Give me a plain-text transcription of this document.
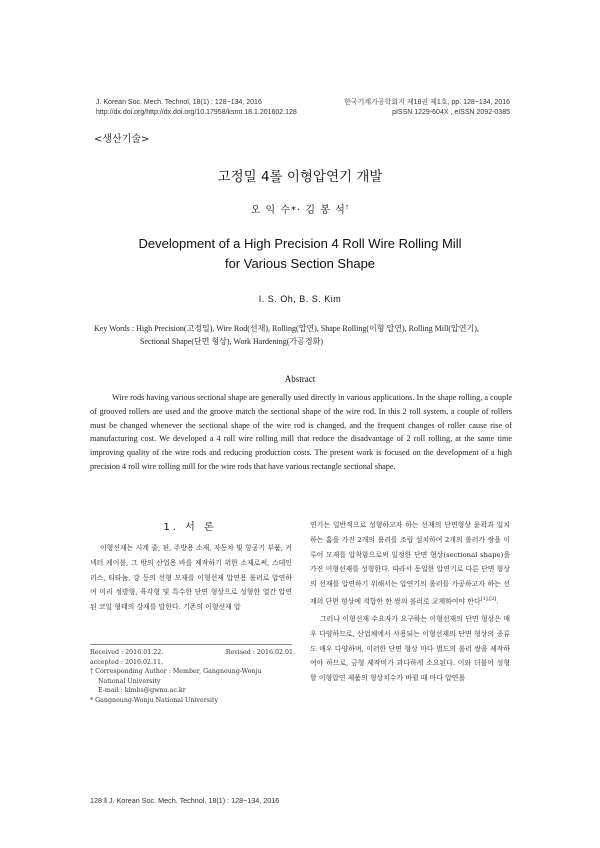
J. Korean Soc. Mech. Technol, 18(1) : 128~134, 2016
http://dx.doi.org/http://dx.doi.org/10.17958/ksmt.18.1.201602.128
한국기계가공학회지 제18권 제1호, pp. 128~134, 2016
pISSN 1229-604X , eISSN 2092-0385
<생산기술>
고정밀 4롤 이형압연기 개발
오 익 수*· 김 봉 석†
Development of a High Precision 4 Roll Wire Rolling Mill
for Various Section Shape
I. S. Oh, B. S. Kim
Key Words : High Precision(고정밀), Wire Rod(선재), Rolling(압연), Shape Rolling(이형 압연), Rolling Mill(압연기),
Sectional Shape(단면 형상), Work Hardening(가공경화)
Abstract
Wire rods having various sectional shape are generally used directly in various applications. In the shape rolling, a couple of grooved rollers are used and the groove match the sectional shape of the wire rod. In this 2 roll system, a couple of rollers must be changed whenever the sectional shape of the wire rod is changed, and the frequent changes of roller cause rise of manufacturing cost. We developed a 4 roll wire rolling mill that reduce the disadvantage of 2 roll rolling, at the same time improving quality of the wire rods and reducing production costs. The present work is focused on the development of a high precision 4 roll wire rolling mill for the wire rods that have various rectangle sectional shape.
1. 서 론

이형선재는 시계 줄, 핀, 주방용 소재, 자동차 및 항공기 부품, 커넥터 케이블, 그 밖의 산업용 바를 제작하기 위한 소재로써, 스테인리스, 티타늄, 강 등의 선형 모재를 이형선재 압연용 롤러로 압연하여 미리 정방형, 육각형 및 특수한 단면 형상으로 성형한 열간 압연된 코일 형태의 강재를 말한다. 기존의 이형선재 압

Received : 2016.01.22.	Revised : 2016.02.01.
accepted : 2016.02.11.
† Corresponding Author : Member, Gangneung-Wonju
National University
E-mail : kimbs@gwnu.ac.kr
* Gangneung-Wonju National University

연기는 일반적으로 성형하고자 하는 선재의 단면형상 윤곽과 일치하는 홈을 가진 2개의 롤러를 조립 설치하여 2개의 롤러가 쌍을 이루어 모재를 압착함으로써 일정한 단면 형상(sectional shape)을 가진 이형선재를 성형한다. 따라서 동일한 압연기로 다른 단면 형상의 선재를 압연하기 위해서는 압연기의 롤러를 가공하고자 하는 선재의 단면 형상에 적합한 한 쌍의 롤러로 교체하여야 한다[1],[2].

그러나 이형선재 수요자가 요구하는 이형선재의 단면 형상은 매우 다양하므로, 산업체에서 사용되는 이형선재의 단면 형상의 종류도 매우 다양하며, 이러한 단면 형상 마다 별도의 롤러 쌍을 제작하여야 하므로, 금형 제작비가 과다하게 소요된다. 이와 더불어 성형할 이형압연 제품의 형상치수가 바뀔 때 마다 압연롤

128 ‖ J. Korean Soc. Mech. Technol, 18(1) : 128~134, 2016
